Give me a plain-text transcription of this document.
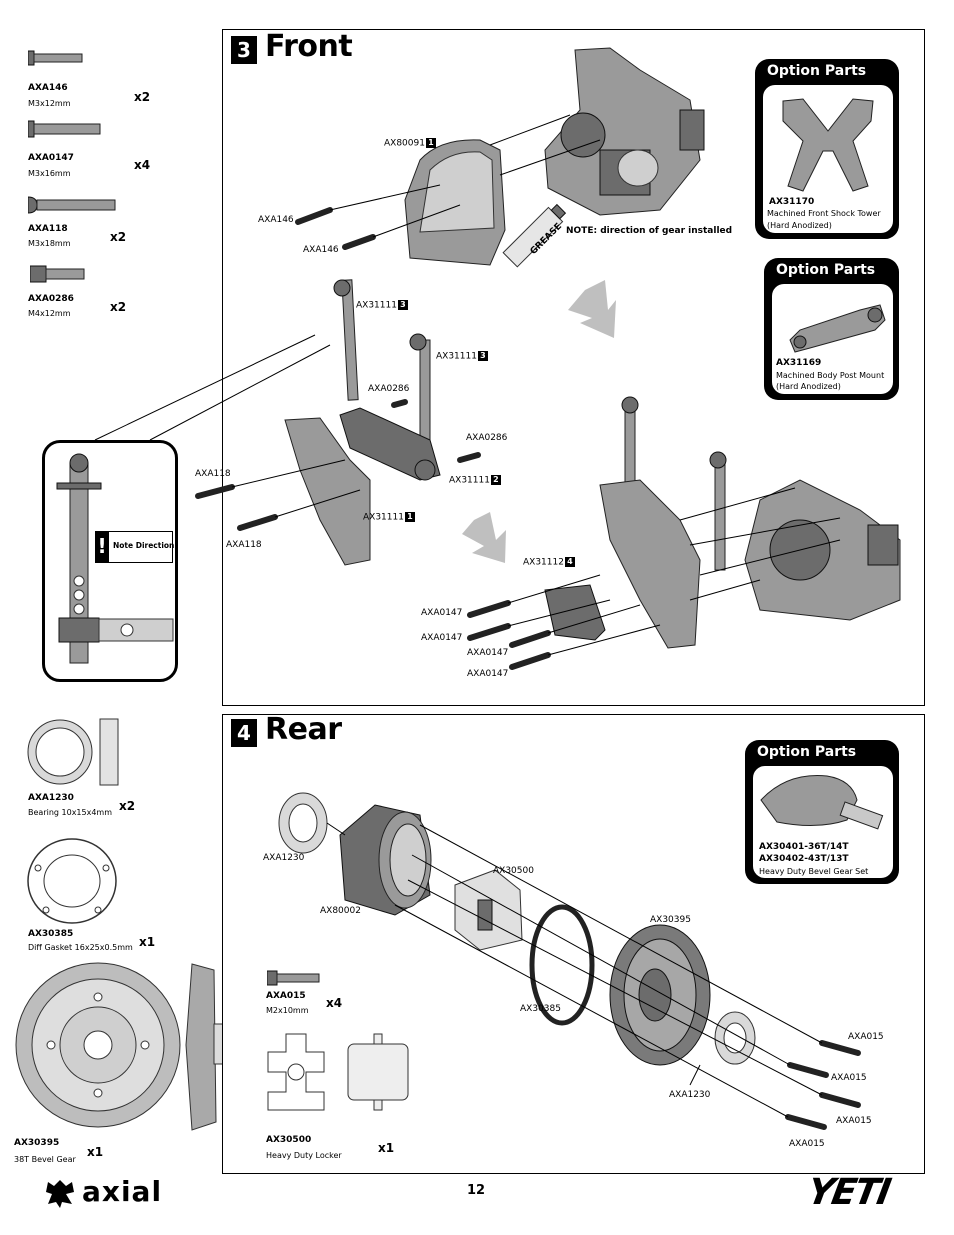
AXA146
M3x12mm	x2
AXA0147
M3x16mm
x4
AXA118
M3x18mm	x2
AXA0286
M4x12mm	x2
3 Front
GREASE
AX80091 1
AXA146
AXA146
NOTE: direction of gear installed
AX31111 3
AX31111 3
AXA0286
AXA0286
AX31111 2
AX31111 1
AXA118
AXA118
AX31112 4
AXA0147
AXA0147
AXA0147
AXA0147
Option Parts
AX31170
Machined Front Shock Tower
(Hard Anodized)
Option Parts
AX31169
Machined Body Post Mount
(Hard Anodized)
! Note Direction
AXA1230
Bearing 10x15x4mm x2
AX30385
Diff Gasket 16x25x0.5mm x1
AX30395
38T Bevel Gear
x1
4 Rear
AXA1230
AX80002
AX30500
AX30395
AX30385
AXA1230
AXA015
AXA015
AXA015
AXA015
Option Parts
AX30401-36T/14T
AX30402-43T/13T
Heavy Duty Bevel Gear Set
AXA015
M2x10mm
x4
AX30500
Heavy Duty Locker
x1
axial	12	YETI
